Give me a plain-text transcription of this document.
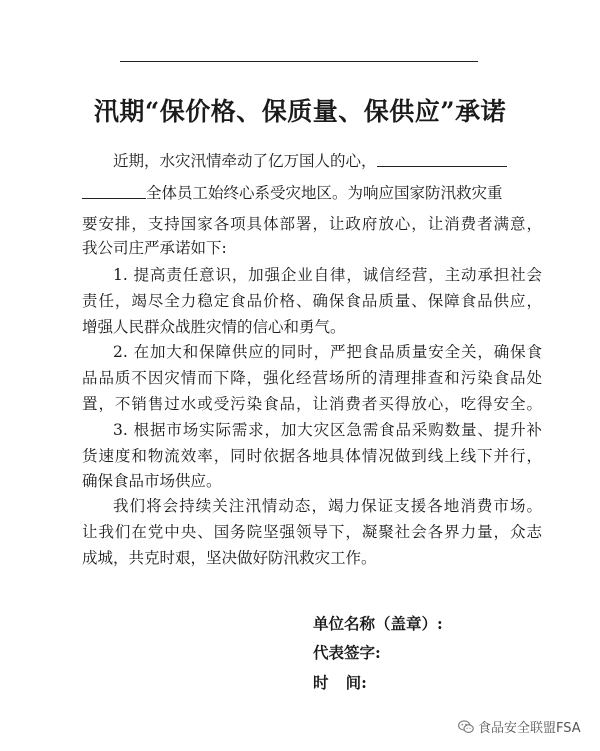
汛期“保价格、保质量、保供应”承诺
近期，水灾汛情牵动了亿万国人的心，
全体员工始终心系受灾地区。为响应国家防汛救灾重
要安排，支持国家各项具体部署，让政府放心，让消费者满意，
我公司庄严承诺如下:
1. 提高责任意识，加强企业自律，诚信经营，主动承担社会
责任，竭尽全力稳定食品价格、确保食品质量、保障食品供应，
增强人民群众战胜灾情的信心和勇气。
2. 在加大和保障供应的同时，严把食品质量安全关，确保食
品品质不因灾情而下降，强化经营场所的清理排查和污染食品处
置，不销售过水或受污染食品，让消费者买得放心，吃得安全。
3. 根据市场实际需求，加大灾区急需食品采购数量、提升补
货速度和物流效率，同时依据各地具体情况做到线上线下并行，
确保食品市场供应。
我们将会持续关注汛情动态，竭力保证支援各地消费市场。
让我们在党中央、国务院坚强领导下，凝聚社会各界力量，众志
成城，共克时艰，坚决做好防汛救灾工作。
单位名称（盖章）:
代表签字:
时间:
食品安全联盟FSA
